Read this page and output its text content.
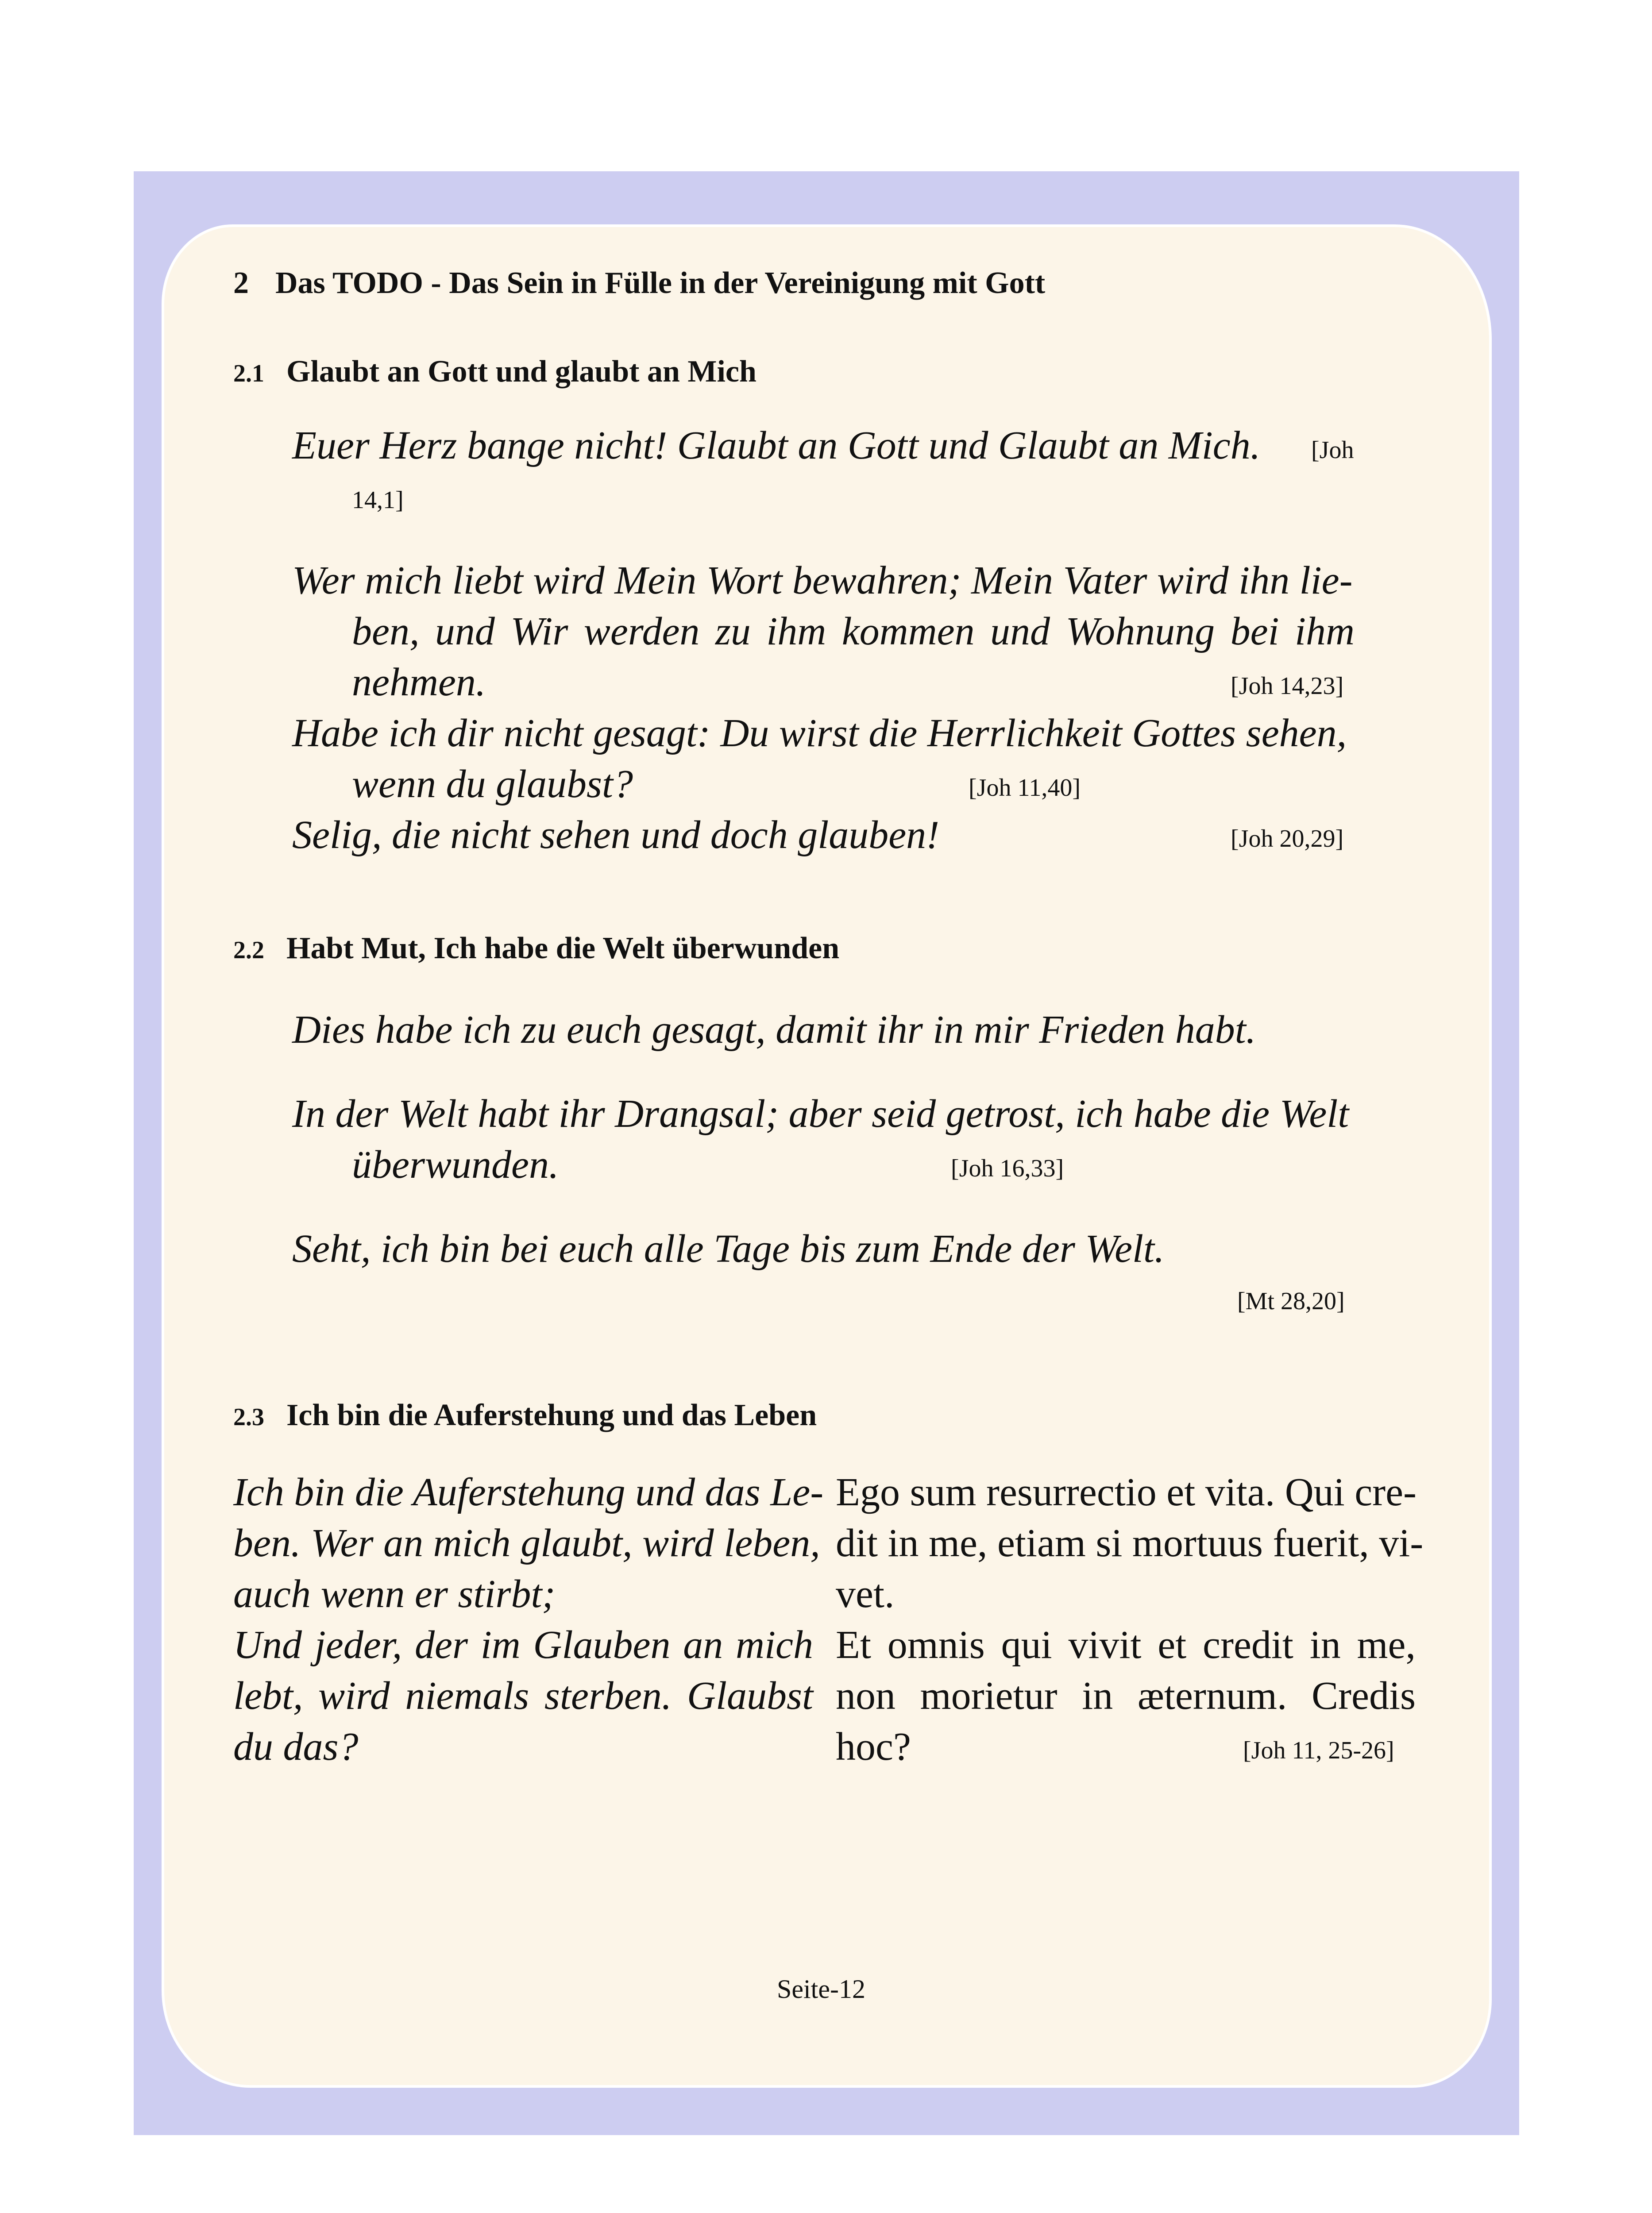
2 Das TODO - Das Sein in Fülle in der Vereinigung mit Gott
2.1 Glaubt an Gott und glaubt an Mich
Euer Herz bange nicht! Glaubt an Gott und Glaubt an Mich. [Joh
14,1]
Wer mich liebt wird Mein Wort bewahren; Mein Vater wird ihn lie-
ben, und Wir werden zu ihm kommen und Wohnung bei ihm
nehmen.	[Joh 14,23]
Habe ich dir nicht gesagt: Du wirst die Herrlichkeit Gottes sehen,
wenn du glaubst?	[Joh 11,40]
Selig, die nicht sehen und doch glauben!	[Joh 20,29]
2.2 Habt Mut, Ich habe die Welt überwunden
Dies habe ich zu euch gesagt, damit ihr in mir Frieden habt.
In der Welt habt ihr Drangsal; aber seid getrost, ich habe die Welt
überwunden.	[Joh 16,33]
Seht, ich bin bei euch alle Tage bis zum Ende der Welt.
[Mt 28,20]
2.3 Ich bin die Auferstehung und das Leben
Ich bin die Auferstehung und das Le-
ben. Wer an mich glaubt, wird leben,
auch wenn er stirbt;
Und jeder, der im Glauben an mich
lebt, wird niemals sterben. Glaubst
du das?
Ego sum resurrectio et vita. Qui cre-
dit in me, etiam si mortuus fuerit, vi-
vet.
Et omnis qui vivit et credit in me,
non morietur in æternum. Credis
hoc?	[Joh 11, 25-26]
Seite-12
